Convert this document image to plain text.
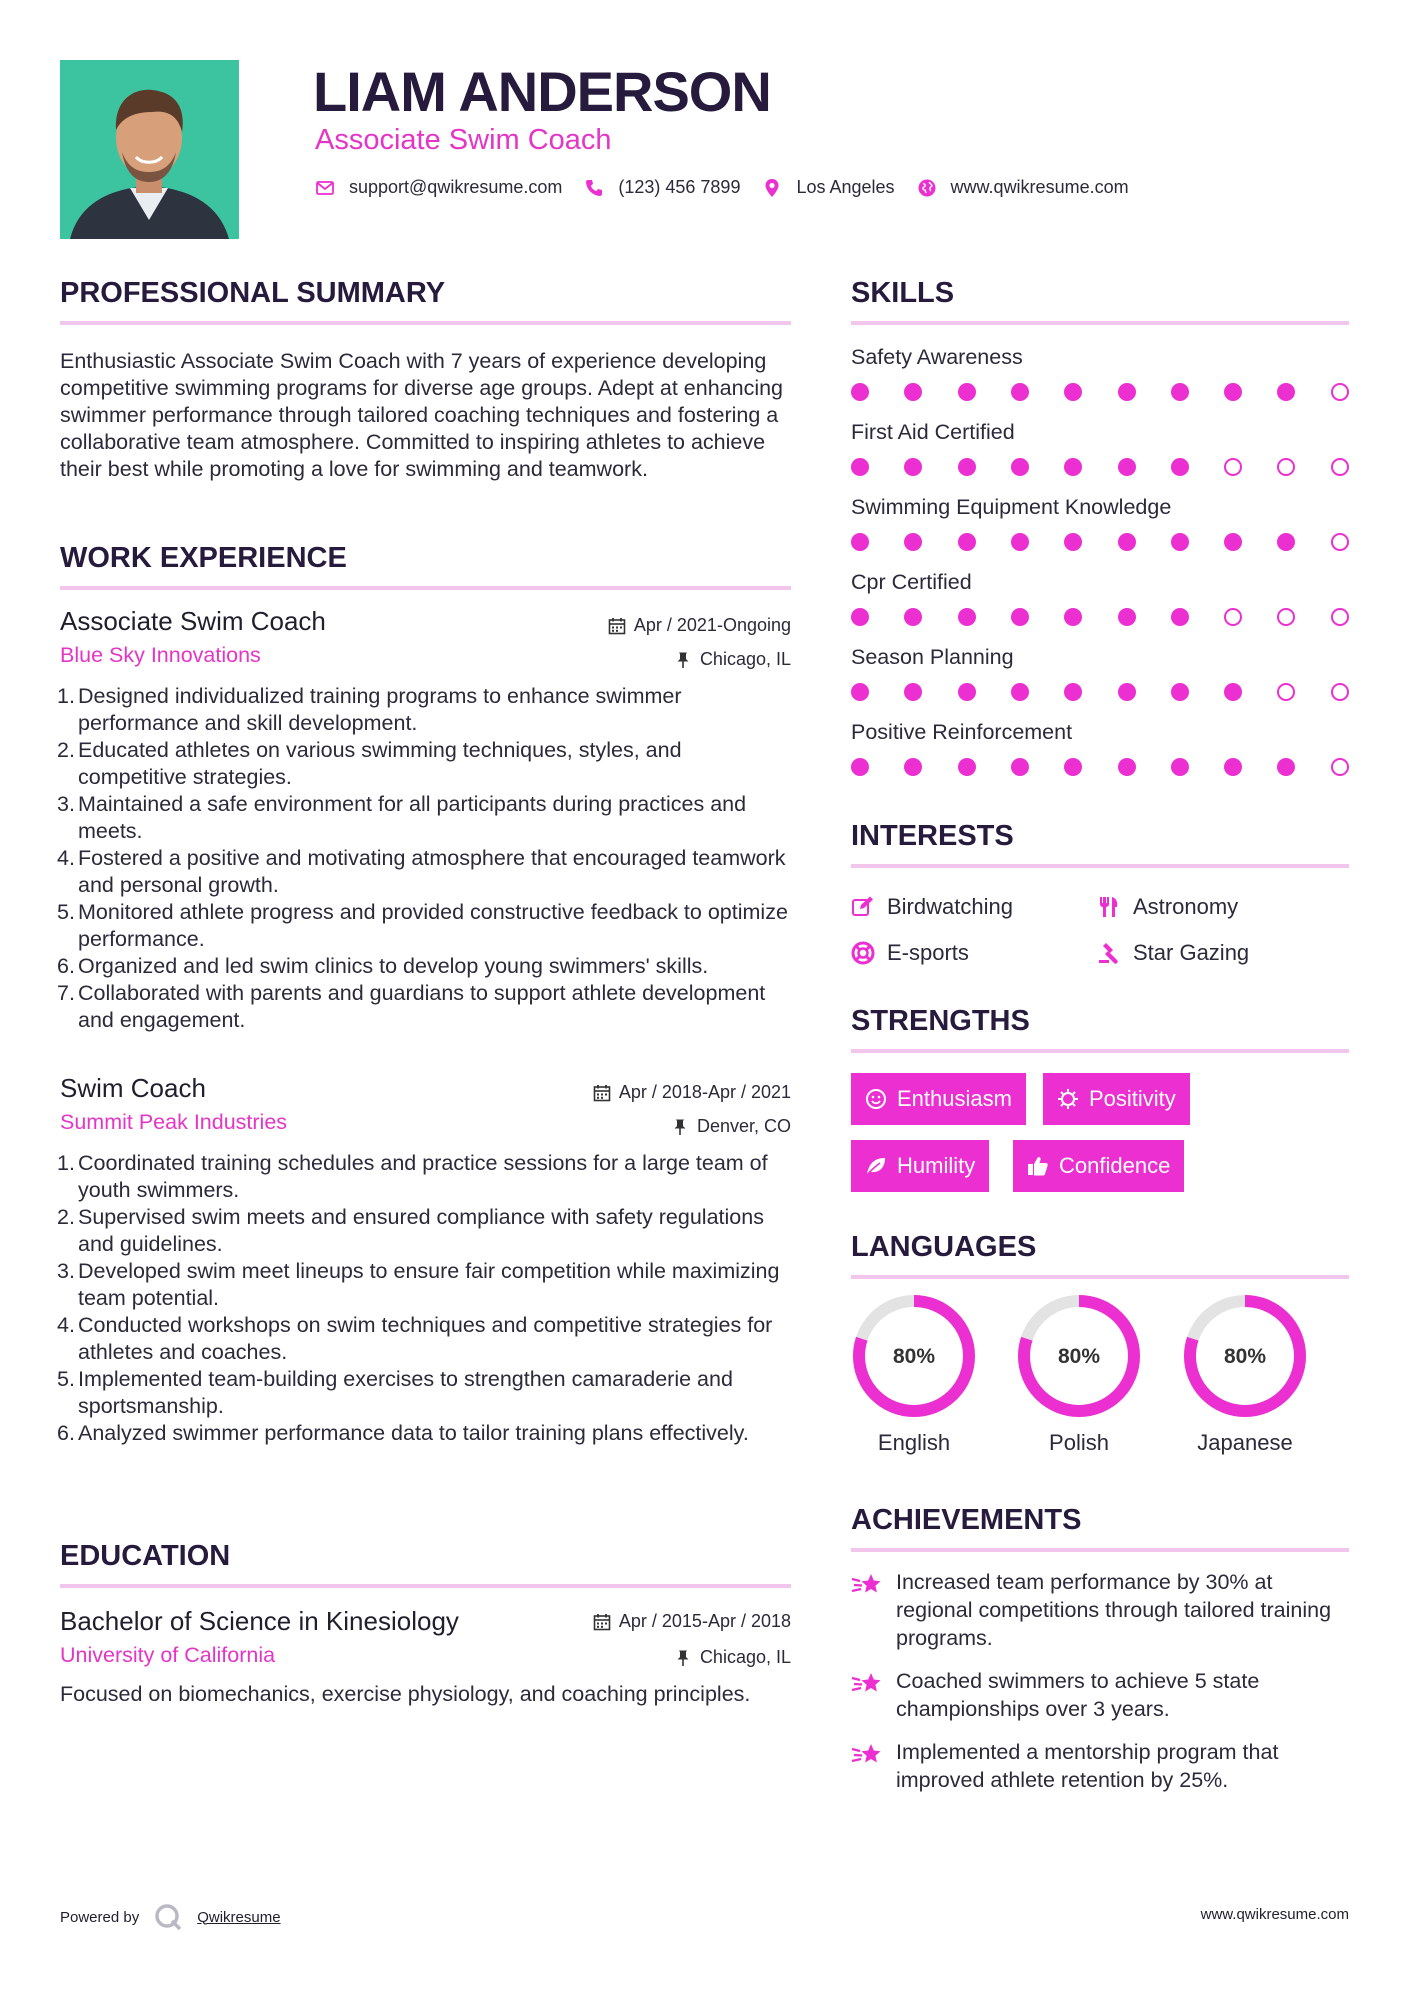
LIAM ANDERSON
Associate Swim Coach
support@qwikresume.com	(123) 456 7899	Los Angeles	www.qwikresume.com
PROFESSIONAL SUMMARY
Enthusiastic Associate Swim Coach with 7 years of experience developing competitive swimming programs for diverse age groups. Adept at enhancing swimmer performance through tailored coaching techniques and fostering a collaborative team atmosphere. Committed to inspiring athletes to achieve their best while promoting a love for swimming and teamwork.
WORK EXPERIENCE
Associate Swim Coach	Apr / 2021-Ongoing
Blue Sky Innovations	Chicago, IL
1. Designed individualized training programs to enhance swimmer performance and skill development.
2. Educated athletes on various swimming techniques, styles, and competitive strategies.
3. Maintained a safe environment for all participants during practices and meets.
4. Fostered a positive and motivating atmosphere that encouraged teamwork and personal growth.
5. Monitored athlete progress and provided constructive feedback to optimize performance.
6. Organized and led swim clinics to develop young swimmers' skills.
7. Collaborated with parents and guardians to support athlete development and engagement.
Swim Coach	Apr / 2018-Apr / 2021
Summit Peak Industries	Denver, CO
1. Coordinated training schedules and practice sessions for a large team of youth swimmers.
2. Supervised swim meets and ensured compliance with safety regulations and guidelines.
3. Developed swim meet lineups to ensure fair competition while maximizing team potential.
4. Conducted workshops on swim techniques and competitive strategies for athletes and coaches.
5. Implemented team-building exercises to strengthen camaraderie and sportsmanship.
6. Analyzed swimmer performance data to tailor training plans effectively.
EDUCATION
Bachelor of Science in Kinesiology	Apr / 2015-Apr / 2018
University of California	Chicago, IL
Focused on biomechanics, exercise physiology, and coaching principles.
SKILLS
Safety Awareness
First Aid Certified
Swimming Equipment Knowledge
Cpr Certified
Season Planning
Positive Reinforcement
INTERESTS
Birdwatching	Astronomy
E-sports	Star Gazing
STRENGTHS
Enthusiasm	Positivity
Humility	Confidence
LANGUAGES
80%
English
80%
Polish
80%
Japanese
ACHIEVEMENTS
Increased team performance by 30% at regional competitions through tailored training programs.
Coached swimmers to achieve 5 state championships over 3 years.
Implemented a mentorship program that improved athlete retention by 25%.
Powered by	Qwikresume	www.qwikresume.com
